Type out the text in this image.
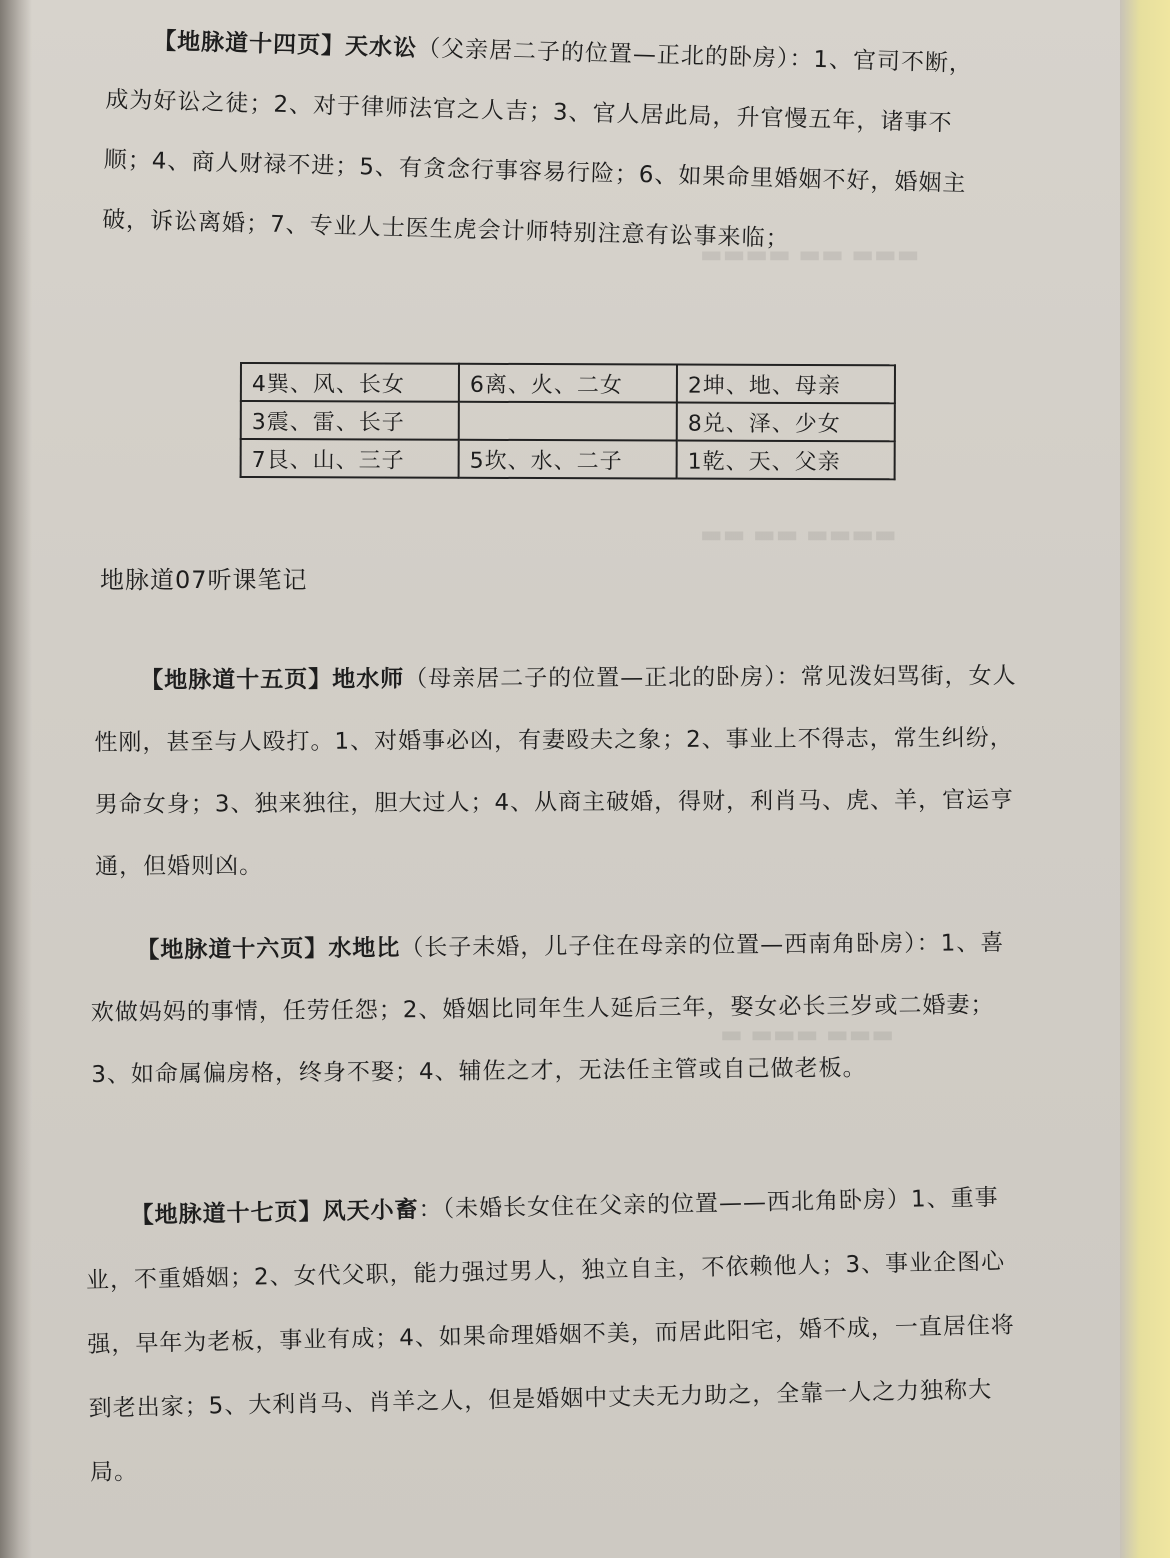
▬▬▬ ▬▬ ▬▬▬▬
▬▬▬▬ ▬▬ ▬▬
▬▬▬ ▬▬▬ ▬

【地脉道十四页】天水讼（父亲居二子的位置—正北的卧房）：1、官司不断，成为好讼之徒；2、对于律师法官之人吉；3、官人居此局，升官慢五年，诸事不顺；4、商人财禄不进；5、有贪念行事容易行险；6、如果命里婚姻不好，婚姻主破，诉讼离婚；7、专业人士医生虎会计师特别注意有讼事来临；

4巽、风、长女	6离、火、二女	2坤、地、母亲
3震、雷、长子		8兑、泽、少女
7艮、山、三子	5坎、水、二子	1乾、天、父亲
地脉道07听课笔记

【地脉道十五页】地水师（母亲居二子的位置—正北的卧房）：常见泼妇骂街，女人性刚，甚至与人殴打。1、对婚事必凶，有妻殴夫之象；2、事业上不得志，常生纠纷，男命女身；3、独来独往，胆大过人；4、从商主破婚，得财，利肖马、虎、羊，官运亨通，但婚则凶。

【地脉道十六页】水地比（长子未婚，儿子住在母亲的位置—西南角卧房）：1、喜欢做妈妈的事情，任劳任怨；2、婚姻比同年生人延后三年，娶女必长三岁或二婚妻；3、如命属偏房格，终身不娶；4、辅佐之才，无法任主管或自己做老板。

【地脉道十七页】风天小畜：（未婚长女住在父亲的位置——西北角卧房）1、重事业，不重婚姻；2、女代父职，能力强过男人，独立自主，不依赖他人；3、事业企图心强，早年为老板，事业有成；4、如果命理婚姻不美，而居此阳宅，婚不成，一直居住将到老出家；5、大利肖马、肖羊之人，但是婚姻中丈夫无力助之，全靠一人之力独称大局。
